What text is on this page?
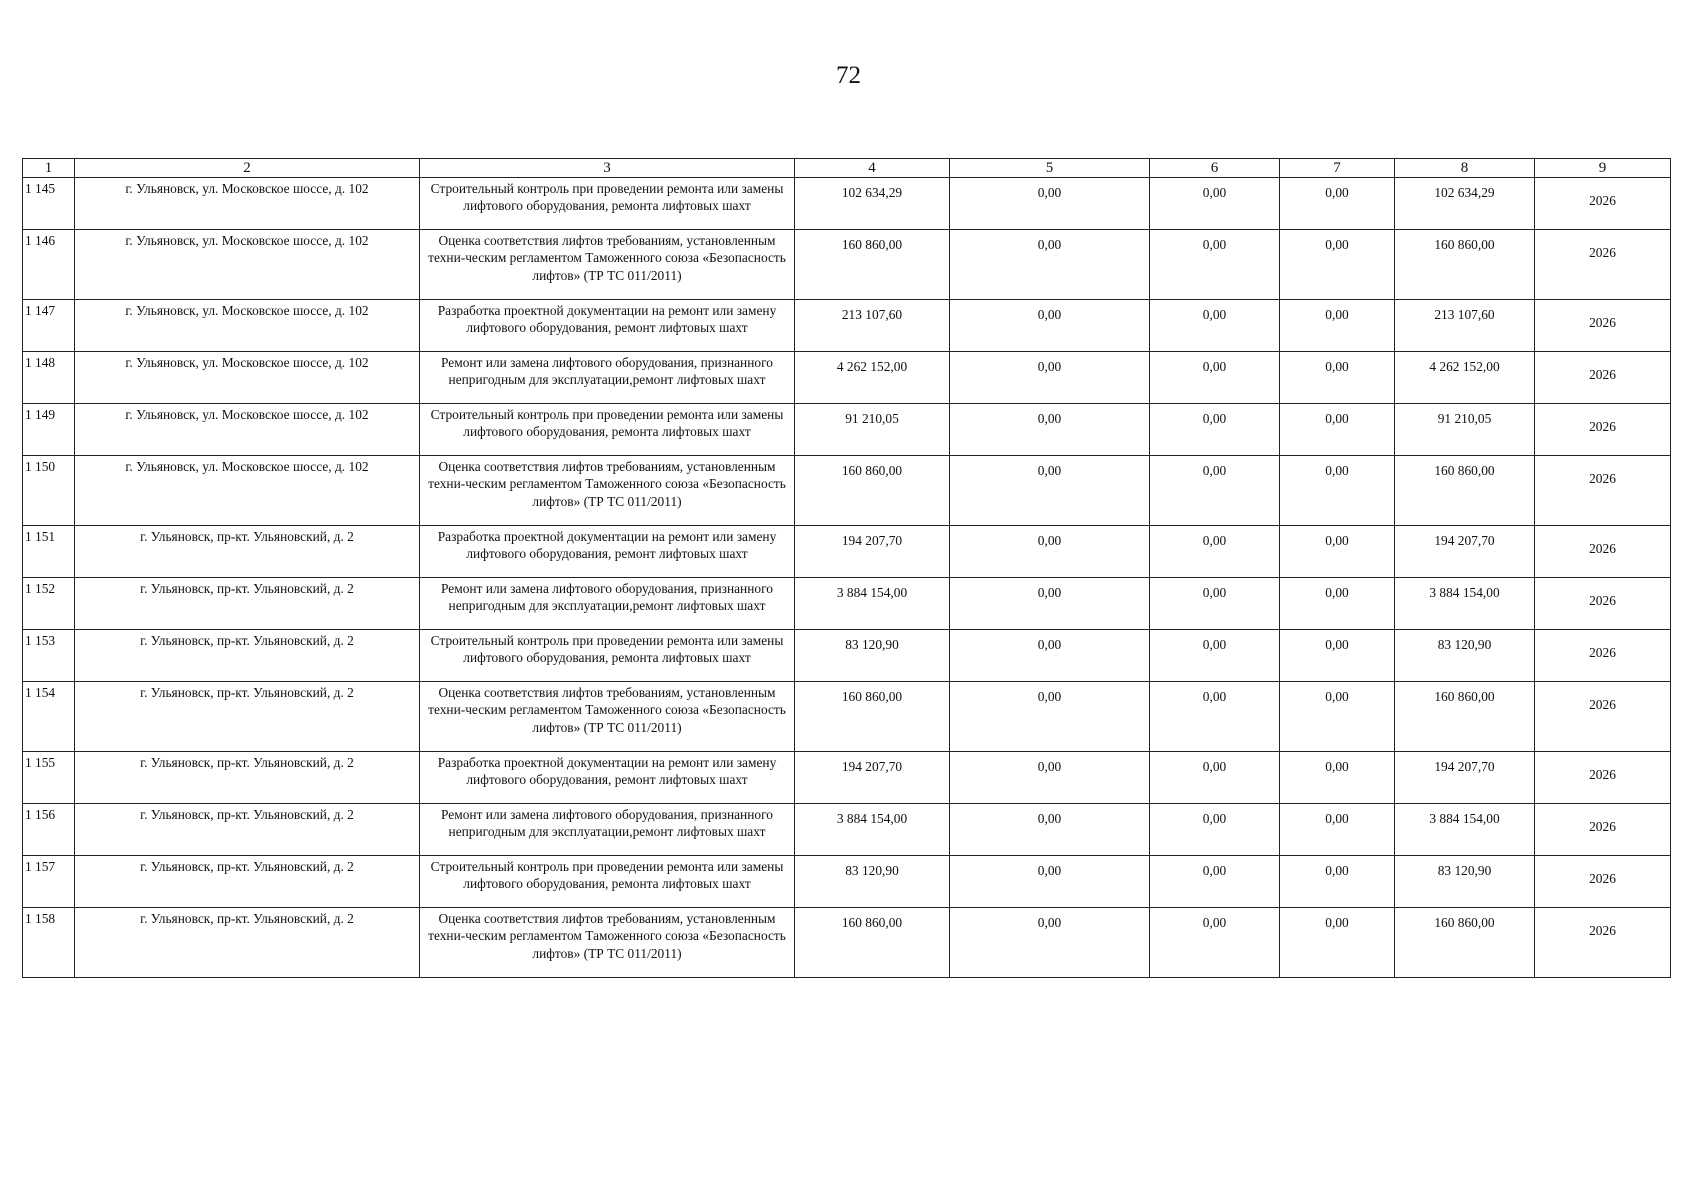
72
1	2	3	4	5	6	7	8	9
1 145	г. Ульяновск, ул. Московское шоссе, д. 102	Строительный контроль при проведении ремонта или замены лифтового оборудования, ремонта лифтовых шахт	102 634,29	0,00	0,00	0,00	102 634,29	2026
1 146	г. Ульяновск, ул. Московское шоссе, д. 102	Оценка соответствия лифтов требованиям, установленным техни-ческим регламентом Таможенного союза «Безопасность лифтов» (ТР ТС 011/2011)	160 860,00	0,00	0,00	0,00	160 860,00	2026
1 147	г. Ульяновск, ул. Московское шоссе, д. 102	Разработка проектной документации на ремонт или замену лифтового оборудования, ремонт лифтовых шахт	213 107,60	0,00	0,00	0,00	213 107,60	2026
1 148	г. Ульяновск, ул. Московское шоссе, д. 102	Ремонт или замена лифтового оборудования, признанного непригодным для эксплуатации,ремонт лифтовых шахт	4 262 152,00	0,00	0,00	0,00	4 262 152,00	2026
1 149	г. Ульяновск, ул. Московское шоссе, д. 102	Строительный контроль при проведении ремонта или замены лифтового оборудования, ремонта лифтовых шахт	91 210,05	0,00	0,00	0,00	91 210,05	2026
1 150	г. Ульяновск, ул. Московское шоссе, д. 102	Оценка соответствия лифтов требованиям, установленным техни-ческим регламентом Таможенного союза «Безопасность лифтов» (ТР ТС 011/2011)	160 860,00	0,00	0,00	0,00	160 860,00	2026
1 151	г. Ульяновск, пр-кт. Ульяновский, д. 2	Разработка проектной документации на ремонт или замену лифтового оборудования, ремонт лифтовых шахт	194 207,70	0,00	0,00	0,00	194 207,70	2026
1 152	г. Ульяновск, пр-кт. Ульяновский, д. 2	Ремонт или замена лифтового оборудования, признанного непригодным для эксплуатации,ремонт лифтовых шахт	3 884 154,00	0,00	0,00	0,00	3 884 154,00	2026
1 153	г. Ульяновск, пр-кт. Ульяновский, д. 2	Строительный контроль при проведении ремонта или замены лифтового оборудования, ремонта лифтовых шахт	83 120,90	0,00	0,00	0,00	83 120,90	2026
1 154	г. Ульяновск, пр-кт. Ульяновский, д. 2	Оценка соответствия лифтов требованиям, установленным техни-ческим регламентом Таможенного союза «Безопасность лифтов» (ТР ТС 011/2011)	160 860,00	0,00	0,00	0,00	160 860,00	2026
1 155	г. Ульяновск, пр-кт. Ульяновский, д. 2	Разработка проектной документации на ремонт или замену лифтового оборудования, ремонт лифтовых шахт	194 207,70	0,00	0,00	0,00	194 207,70	2026
1 156	г. Ульяновск, пр-кт. Ульяновский, д. 2	Ремонт или замена лифтового оборудования, признанного непригодным для эксплуатации,ремонт лифтовых шахт	3 884 154,00	0,00	0,00	0,00	3 884 154,00	2026
1 157	г. Ульяновск, пр-кт. Ульяновский, д. 2	Строительный контроль при проведении ремонта или замены лифтового оборудования, ремонта лифтовых шахт	83 120,90	0,00	0,00	0,00	83 120,90	2026
1 158	г. Ульяновск, пр-кт. Ульяновский, д. 2	Оценка соответствия лифтов требованиям, установленным техни-ческим регламентом Таможенного союза «Безопасность лифтов» (ТР ТС 011/2011)	160 860,00	0,00	0,00	0,00	160 860,00	2026
